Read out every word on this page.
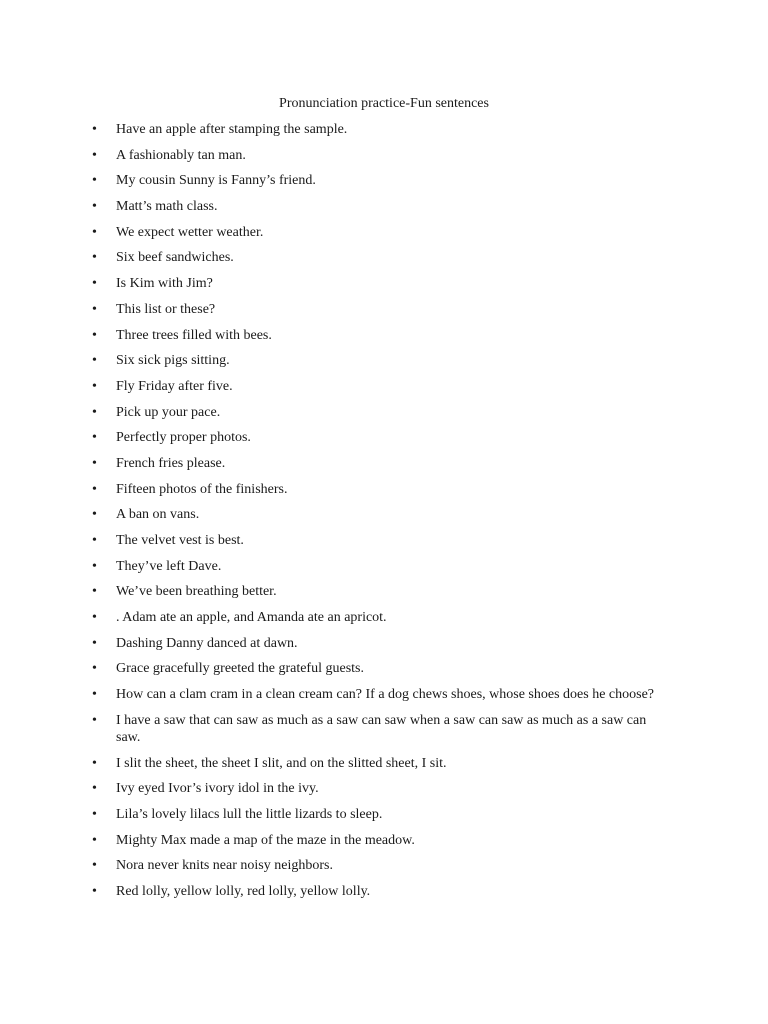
Pronunciation practice-Fun sentences
•	Have an apple after stamping the sample.
•	A fashionably tan man.
•	My cousin Sunny is Fanny’s friend.
•	Matt’s math class.
•	We expect wetter weather.
•	Six beef sandwiches.
•	Is Kim with Jim?
•	This list or these?
•	Three trees filled with bees.
•	Six sick pigs sitting.
•	Fly Friday after five.
•	Pick up your pace.
•	Perfectly proper photos.
•	French fries please.
•	Fifteen photos of the finishers.
•	A ban on vans.
•	The velvet vest is best.
•	They’ve left Dave.
•	We’ve been breathing better.
•	. Adam ate an apple, and Amanda ate an apricot.
•	Dashing Danny danced at dawn.
•	Grace gracefully greeted the grateful guests.
•	How can a clam cram in a clean cream can? If a dog chews shoes, whose shoes does he choose?
•	I have a saw that can saw as much as a saw can saw when a saw can saw as much as a saw can saw.
•	I slit the sheet, the sheet I slit, and on the slitted sheet, I sit.
•	Ivy eyed Ivor’s ivory idol in the ivy.
•	Lila’s lovely lilacs lull the little lizards to sleep.
•	Mighty Max made a map of the maze in the meadow.
•	Nora never knits near noisy neighbors.
•	Red lolly, yellow lolly, red lolly, yellow lolly.
